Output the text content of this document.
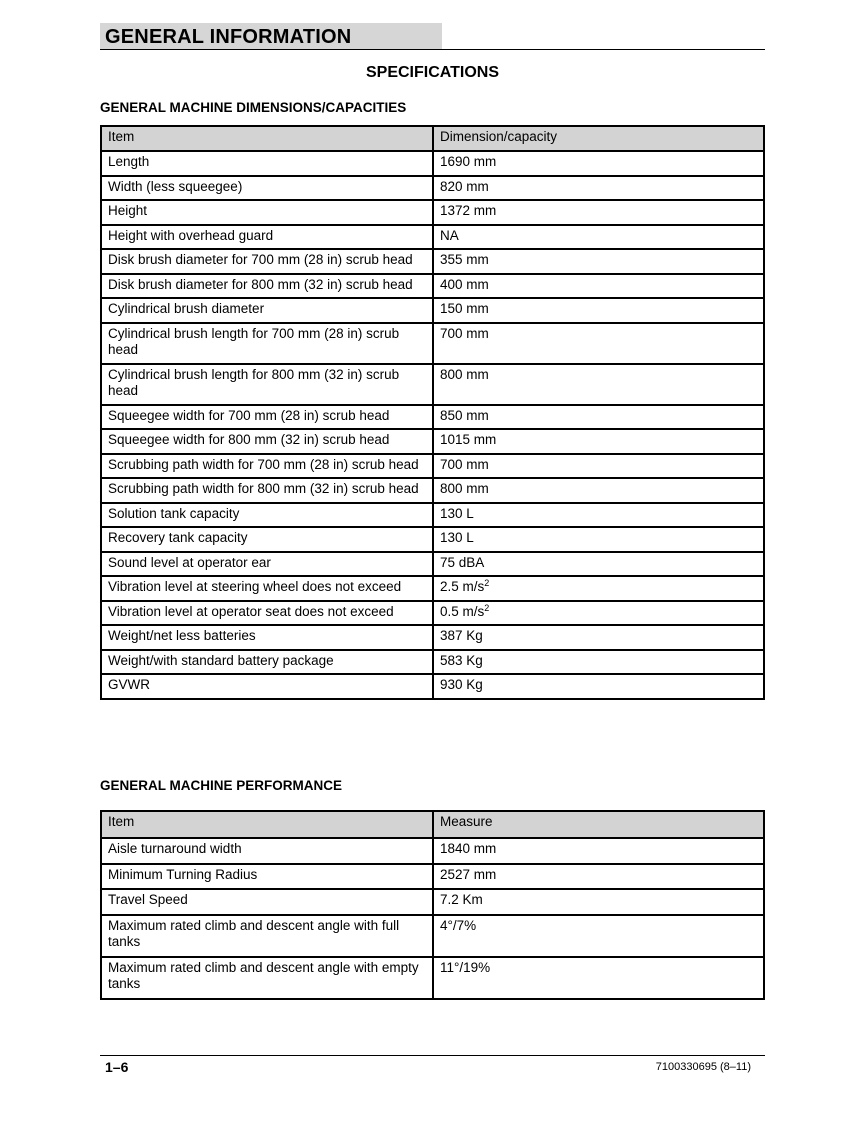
GENERAL INFORMATION
SPECIFICATIONS
GENERAL MACHINE DIMENSIONS/CAPACITIES
Item	Dimension/capacity
Length	1690 mm
Width (less squeegee)	820 mm
Height	1372 mm
Height with overhead guard	NA
Disk brush diameter for 700 mm (28 in) scrub head	355 mm
Disk brush diameter for 800 mm (32 in) scrub head	400 mm
Cylindrical brush diameter	150 mm
Cylindrical brush length for 700 mm (28 in) scrub head	700 mm
Cylindrical brush length for 800 mm (32 in) scrub head	800 mm
Squeegee width for 700 mm (28 in) scrub head	850 mm
Squeegee width for 800 mm (32 in) scrub head	1015 mm
Scrubbing path width for 700 mm (28 in) scrub head	700 mm
Scrubbing path width for 800 mm (32 in) scrub head	800 mm
Solution tank capacity	130 L
Recovery tank capacity	130 L
Sound level at operator ear	75 dBA
Vibration level at steering wheel does not exceed	2.5 $m/s^2$
Vibration level at operator seat does not exceed	0.5 $m/s^2$
Weight/net less batteries	387 Kg
Weight/with standard battery package	583 Kg
GVWR	930 Kg
GENERAL MACHINE PERFORMANCE
Item	Measure
Aisle turnaround width	1840 mm
Minimum Turning Radius	2527 mm
Travel Speed	7.2 Km
Maximum rated climb and descent angle with full tanks	4°/7%
Maximum rated climb and descent angle with empty tanks	11°/19%
1–6	7100330695 (8–11)
